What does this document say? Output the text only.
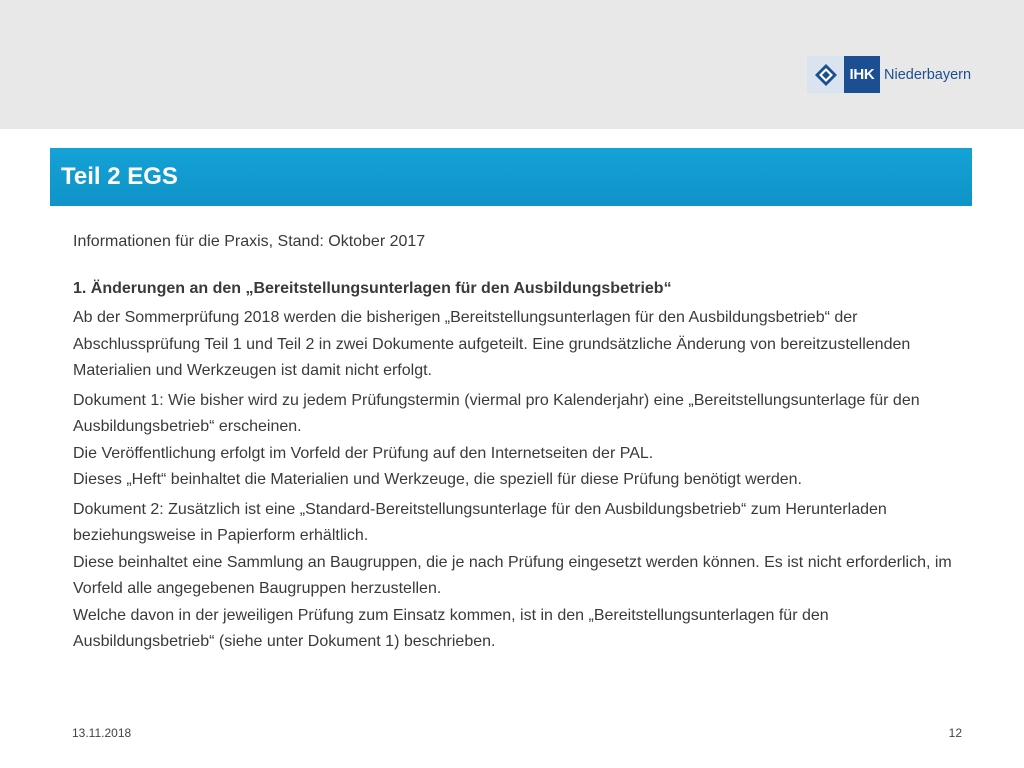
IHK Niederbayern
Teil 2 EGS

Informationen für die Praxis, Stand: Oktober 2017

1. Änderungen an den „Bereitstellungsunterlagen für den Ausbildungsbetrieb“

Ab der Sommerprüfung 2018 werden die bisherigen „Bereitstellungsunterlagen für den Ausbildungsbetrieb“ der Abschlussprüfung Teil 1 und Teil 2 in zwei Dokumente aufgeteilt. Eine grundsätzliche Änderung von bereitzustellenden Materialien und Werkzeugen ist damit nicht erfolgt.

Dokument 1: Wie bisher wird zu jedem Prüfungstermin (viermal pro Kalenderjahr) eine „Bereitstellungsunterlage für den Ausbildungsbetrieb“ erscheinen.

Die Veröffentlichung erfolgt im Vorfeld der Prüfung auf den Internetseiten der PAL.

Dieses „Heft“ beinhaltet die Materialien und Werkzeuge, die speziell für diese Prüfung benötigt werden.

Dokument 2: Zusätzlich ist eine „Standard-Bereitstellungsunterlage für den Ausbildungsbetrieb“ zum Herunterladen beziehungsweise in Papierform erhältlich.

Diese beinhaltet eine Sammlung an Baugruppen, die je nach Prüfung eingesetzt werden können. Es ist nicht erforderlich, im Vorfeld alle angegebenen Baugruppen herzustellen.

Welche davon in der jeweiligen Prüfung zum Einsatz kommen, ist in den „Bereitstellungsunterlagen für den Ausbildungsbetrieb“ (siehe unter Dokument 1) beschrieben.

13.11.2018	12
